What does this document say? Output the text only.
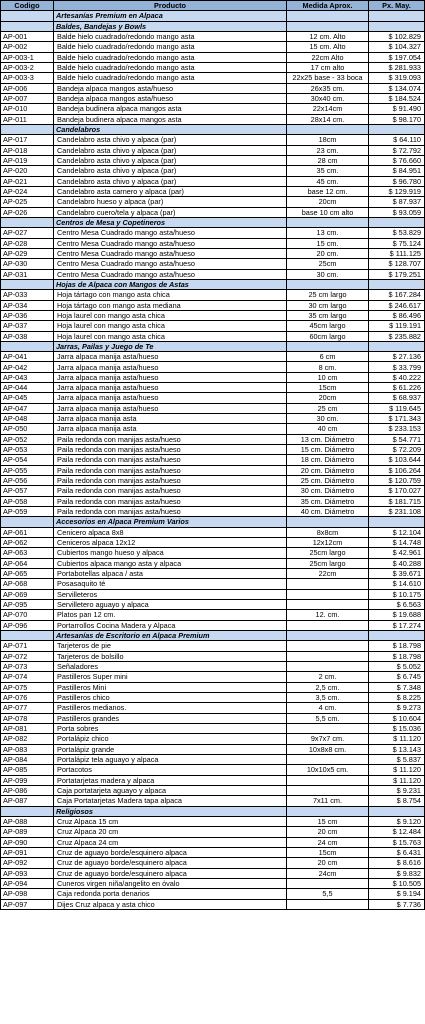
Codigo	Producto	Medida Aprox.	Px. May.
	Artesanías Premium en Alpaca		
	Baldes, Bandejas y Bowls		
AP-001	Balde hielo cuadrado/redondo mango asta	12 cm. Alto	$ 102.829
AP-002	Balde hielo cuadrado/redondo mango asta	15 cm. Alto	$ 104.327
AP-003-1	Balde hielo cuadrado/redondo mango asta	22cm Alto	$ 197.054
AP-003-2	Balde hielo cuadrado/redondo mango asta	17 cm alto	$ 281.933
AP-003-3	Balde hielo cuadrado/redondo mango asta	22x25 base - 33 boca	$ 319.093
AP-006	Bandeja alpaca mangos asta/hueso	26x35 cm.	$ 134.074
AP-007	Bandeja alpaca mangos asta/hueso	30x40 cm.	$ 184.524
AP-010	Bandeja budinera alpaca mangos asta	22x14cm	$ 91.490
AP-011	Bandeja budinera alpaca mangos asta	28x14 cm.	$ 98.170
	Candelabros		
AP-017	Candelabro asta chivo y alpaca (par)	18cm	$ 64.110
AP-018	Candelabro asta chivo y alpaca (par)	23 cm.	$ 72.792
AP-019	Candelabro asta chivo y alpaca (par)	28 cm	$ 76.660
AP-020	Candelabro asta chivo y alpaca (par)	35 cm.	$ 84.951
AP-021	Candelabro asta chivo y alpaca (par)	45 cm.	$ 96.780
AP-024	Candelabro asta carnero y alpaca (par)	base 12 cm.	$ 129.919
AP-025	Candelabro hueso y alpaca (par)	20cm	$ 87.937
AP-026	Candelabro cuero/tela y alpaca (par)	base 10 cm alto	$ 93.059
	Centros de Mesa y Copetineros		
AP-027	Centro Mesa Cuadrado mango asta/hueso	13 cm.	$ 53.829
AP-028	Centro Mesa Cuadrado mango asta/hueso	15 cm.	$ 75.124
AP-029	Centro Mesa Cuadrado mango asta/hueso	20 cm.	$ 111.125
AP-030	Centro Mesa Cuadrado mango asta/hueso	25cm	$ 128.707
AP-031	Centro Mesa Cuadrado mango asta/hueso	30 cm.	$ 179.251
	Hojas de Alpaca con Mangos de Astas		
AP-033	Hoja tártago con mango asta chica	25 cm largo	$ 167.284
AP-034	Hoja tártago con mango asta mediana	30 cm largo	$ 246.617
AP-036	Hoja laurel con mango asta chica	35 cm largo	$ 86.496
AP-037	Hoja laurel con mango asta chica	45cm largo	$ 119.191
AP-038	Hoja laurel con mango asta chica	60cm largo	$ 235.882
	Jarras, Pailas y Juego de Te		
AP-041	Jarra alpaca manija asta/hueso	6 cm	$ 27.136
AP-042	Jarra alpaca manija asta/hueso	8 cm.	$ 33.799
AP-043	Jarra alpaca manija asta/hueso	10 cm	$ 40.222
AP-044	Jarra alpaca manija asta/hueso	15cm	$ 61.226
AP-045	Jarra alpaca manija asta/hueso	20cm	$ 68.937
AP-047	Jarra alpaca manija asta/hueso	25 cm	$ 119.645
AP-048	Jarra alpaca manija asta	30 cm.	$ 171.343
AP-050	Jarra alpaca manija asta	40 cm	$ 233.153
AP-052	Paila redonda con manijas asta/hueso	13 cm. Diámetro	$ 54.771
AP-053	Paila redonda con manijas asta/hueso	15 cm. Diámetro	$ 72.209
AP-054	Paila redonda con manijas asta/hueso	18 cm. Diámetro	$ 103.644
AP-055	Paila redonda con manijas asta/hueso	20 cm. Diámetro	$ 106.264
AP-056	Paila redonda con manijas asta/hueso	25 cm. Diámetro	$ 120.759
AP-057	Paila redonda con manijas asta/hueso	30 cm. Diámetro	$ 170.027
AP-058	Paila redonda con manijas asta/hueso	35 cm. Diámetro	$ 181.715
AP-059	Paila redonda con manijas asta/hueso	40 cm. Diámetro	$ 231.108
	Accesorios en Alpaca Premium Varios		
AP-061	Cenicero alpaca 8x8	8x8cm	$ 12.104
AP-062	Ceniceros alpaca 12x12	12x12cm	$ 14.748
AP-063	Cubiertos mango hueso y alpaca	25cm largo	$ 42.961
AP-064	Cubiertos alpaca mango asta y alpaca	25cm largo	$ 40.288
AP-065	Portabotellas alpaca / asta	22cm	$ 39.671
AP-068	Posasaquito té		$ 14.610
AP-069	Servilleteros		$ 10.175
AP-095	Servilletero aguayo y alpaca		$ 6.563
AP-070	Platos pan 12 cm.	12. cm.	$ 19.688
AP-096	Portarrollos Cocina Madera y Alpaca		$ 17.274
	Artesanías de Escritorio en Alpaca Premium		
AP-071	Tarjeteros de pie		$ 18.798
AP-072	Tarjeteros de bolsillo		$ 18.798
AP-073	Señaladores		$ 5.052
AP-074	Pastilleros Super mini	2 cm.	$ 6.745
AP-075	Pastilleros Mini	2,5 cm.	$ 7.348
AP-076	Pastilleros chico	3,5 cm.	$ 8.225
AP-077	Pastilleros medianos.	4 cm.	$ 9.273
AP-078	Pastilleros grandes	5,5 cm.	$ 10.604
AP-081	Porta sobres		$ 15.036
AP-082	Portalápiz chico	9x7x7 cm.	$ 11.120
AP-083	Portalápiz grande	10x8x8 cm.	$ 13.143
AP-084	Portalápiz tela aguayo y alpaca		$ 5.837
AP-085	Portacotos	10x10x5 cm.	$ 11.120
AP-099	Portatarjetas madera y alpaca		$ 11.120
AP-086	Caja portatarjeta aguayo y alpaca		$ 9.231
AP-087	Caja Portatarjetas Madera tapa alpaca	7x11 cm.	$ 8.754
	Religiosos		
AP-088	Cruz Alpaca 15 cm	15 cm	$ 9.120
AP-089	Cruz Alpaca 20 cm	20 cm	$ 12.484
AP-090	Cruz Alpaca 24 cm	24 cm	$ 15.763
AP-091	Cruz de aguayo borde/esquinero alpaca	15cm	$ 6.431
AP-092	Cruz de aguayo borde/esquinero alpaca	20 cm	$ 8.616
AP-093	Cruz de aguayo borde/esquinero alpaca	24cm	$ 9.832
AP-094	Cuneros virgen niña/angelito en óvalo		$ 10.505
AP-098	Caja redonda porta denarios	5,5	$ 9.194
AP-097	Dijes Cruz alpaca y asta chico		$ 7.736
